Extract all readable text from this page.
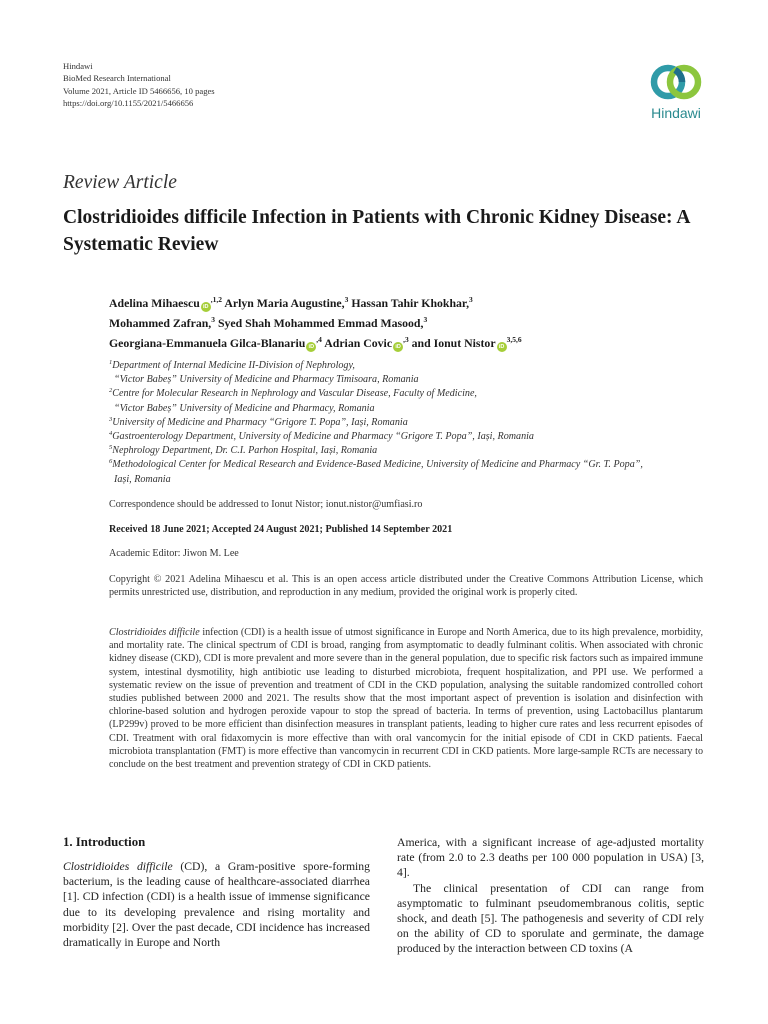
Hindawi
BioMed Research International
Volume 2021, Article ID 5466656, 10 pages
https://doi.org/10.1155/2021/5466656
Hindawi
Review Article
Clostridioides difficile Infection in Patients with Chronic Kidney Disease: A Systematic Review
Adelina Mihaescu $iD^{,1,2}$ Arlyn Maria Augustine,$^3$ Hassan Tahir Khokhar,$^3$
Mohammed Zafran,$^3$ Syed Shah Mohammed Emmad Masood,$^3$
Georgiana-Emmanuela Gilca-Blanariu $iD^{,4}$ Adrian Covic $iD^{,3}$ and Ionut Nistor iD$^{3,5,6}$
$^1$Department of Internal Medicine II-Division of Nephrology,
“Victor Babeș” University of Medicine and Pharmacy Timisoara, Romania
$^2$Centre for Molecular Research in Nephrology and Vascular Disease, Faculty of Medicine,
“Victor Babeș” University of Medicine and Pharmacy, Romania
$^3$University of Medicine and Pharmacy “Grigore T. Popa”, Iași, Romania
$^4$Gastroenterology Department, University of Medicine and Pharmacy “Grigore T. Popa”, Iași, Romania
$^5$Nephrology Department, Dr. C.I. Parhon Hospital, Iași, Romania
$^6$Methodological Center for Medical Research and Evidence-Based Medicine, University of Medicine and Pharmacy “Gr. T. Popa”,
Iași, Romania
Correspondence should be addressed to Ionut Nistor; ionut.nistor@umfiasi.ro
Received 18 June 2021; Accepted 24 August 2021; Published 14 September 2021
Academic Editor: Jiwon M. Lee
Copyright © 2021 Adelina Mihaescu et al. This is an open access article distributed under the Creative Commons Attribution License, which permits unrestricted use, distribution, and reproduction in any medium, provided the original work is properly cited.
Clostridioides difficile infection (CDI) is a health issue of utmost significance in Europe and North America, due to its high prevalence, morbidity, and mortality rate. The clinical spectrum of CDI is broad, ranging from asymptomatic to deadly fulminant colitis. When associated with chronic kidney disease (CKD), CDI is more prevalent and more severe than in the general population, due to specific risk factors such as impaired immune system, intestinal dysmotility, high antibiotic use leading to disturbed microbiota, frequent hospitalization, and PPI use. We performed a systematic review on the issue of prevention and treatment of CDI in the CKD population, analysing the suitable randomized controlled cohort studies published between 2000 and 2021. The results show that the most important aspect of prevention is isolation and disinfection with chlorine-based solution and hydrogen peroxide vapour to stop the spread of bacteria. In terms of prevention, using Lactobacillus plantarum (LP299v) proved to be more efficient than disinfection measures in transplant patients, leading to higher cure rates and less recurrent episodes of CDI. Treatment with oral fidaxomycin is more effective than with oral vancomycin for the initial episode of CDI in CKD patients. Faecal microbiota transplantation (FMT) is more effective than vancomycin in recurrent CDI in CKD patients. More large-sample RCTs are necessary to conclude on the best treatment and prevention strategy of CDI in CKD patients.
1. Introduction

Clostridioides difficile (CD), a Gram-positive spore-forming bacterium, is the leading cause of healthcare-associated diarrhea [1]. CD infection (CDI) is a health issue of immense significance due to its developing prevalence and rising mortality and morbidity [2]. Over the past decade, CDI incidence has increased dramatically in Europe and North

America, with a significant increase of age-adjusted mortality rate (from 2.0 to 2.3 deaths per 100 000 population in USA) [3, 4].

The clinical presentation of CDI can range from asymptomatic to fulminant pseudomembranous colitis, septic shock, and death [5]. The pathogenesis and severity of CDI rely on the ability of CD to sporulate and germinate, the damage produced by the interaction between CD toxins (A
